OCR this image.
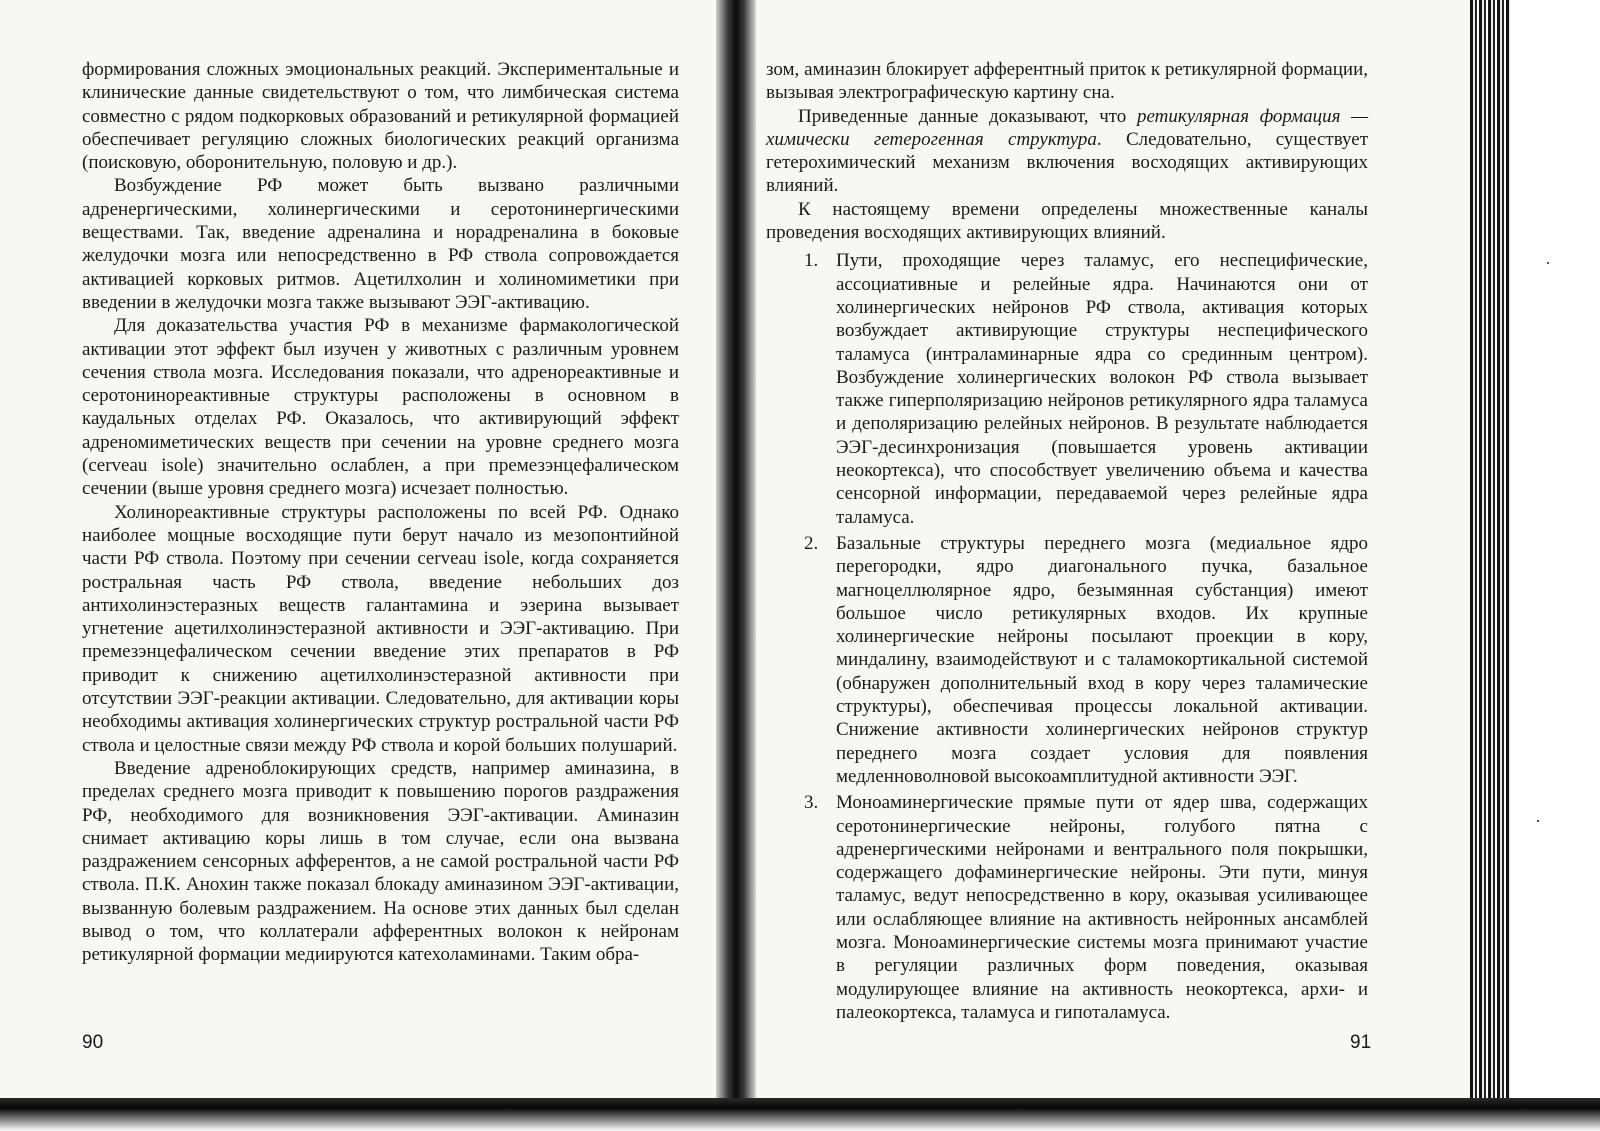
формирования сложных эмоциональных реакций. Экспериментальные и клинические данные свидетельствуют о том, что лимбическая система совместно с рядом подкорковых образований и ретикулярной формацией обеспечивает регуляцию сложных биологических реакций организма (поисковую, оборонительную, половую и др.).

Возбуждение РФ может быть вызвано различными адренергическими, холинергическими и серотонинергическими веществами. Так, введение адреналина и норадреналина в боковые желудочки мозга или непосредственно в РФ ствола сопровождается активацией корковых ритмов. Ацетилхолин и холиномиметики при введении в желудочки мозга также вызывают ЭЭГ-активацию.

Для доказательства участия РФ в механизме фармакологической активации этот эффект был изучен у животных с различным уровнем сечения ствола мозга. Исследования показали, что адренореактивные и серотонинореактивные структуры расположены в основном в каудальных отделах РФ. Оказалось, что активирующий эффект адреномиметических веществ при сечении на уровне среднего мозга (cerveau isole) значительно ослаблен, а при премезэнцефалическом сечении (выше уровня среднего мозга) исчезает полностью.

Холинореактивные структуры расположены по всей РФ. Однако наиболее мощные восходящие пути берут начало из мезопонтийной части РФ ствола. Поэтому при сечении cerveau isole, когда сохраняется ростральная часть РФ ствола, введение небольших доз антихолинэстеразных веществ галантамина и эзерина вызывает угнетение ацетилхолинэстеразной активности и ЭЭГ-активацию. При премезэнцефалическом сечении введение этих препаратов в РФ приводит к снижению ацетилхолинэстеразной активности при отсутствии ЭЭГ-реакции активации. Следовательно, для активации коры необходимы активация холинергических структур ростральной части РФ ствола и целостные связи между РФ ствола и корой больших полушарий.

Введение адреноблокирующих средств, например аминазина, в пределах среднего мозга приводит к повышению порогов раздражения РФ, необходимого для возникновения ЭЭГ-активации. Аминазин снимает активацию коры лишь в том случае, если она вызвана раздражением сенсорных афферентов, а не самой ростральной части РФ ствола. П.К. Анохин также показал блокаду аминазином ЭЭГ-активации, вызванную болевым раздражением. На основе этих данных был сделан вывод о том, что коллатерали афферентных волокон к нейронам ретикулярной формации медиируются катехоламинами. Таким обра-

90

зом, аминазин блокирует афферентный приток к ретикулярной формации, вызывая электрографическую картину сна.

Приведенные данные доказывают, что ретикулярная формация — химически гетерогенная структура. Следовательно, существует гетерохимический механизм включения восходящих активирующих влияний.

К настоящему времени определены множественные каналы проведения восходящих активирующих влияний.

1. Пути, проходящие через таламус, его неспецифические, ассоциативные и релейные ядра. Начинаются они от холинергических нейронов РФ ствола, активация которых возбуждает активирующие структуры неспецифического таламуса (интраламинарные ядра со срединным центром). Возбуждение холинергических волокон РФ ствола вызывает также гиперполяризацию нейронов ретикулярного ядра таламуса и деполяризацию релейных нейронов. В результате наблюдается ЭЭГ-десинхронизация (повышается уровень активации неокортекса), что способствует увеличению объема и качества сенсорной информации, передаваемой через релейные ядра таламуса.
2. Базальные структуры переднего мозга (медиальное ядро перегородки, ядро диагонального пучка, базальное магноцеллюлярное ядро, безымянная субстанция) имеют большое число ретикулярных входов. Их крупные холинергические нейроны посылают проекции в кору, миндалину, взаимодействуют и с таламокортикальной системой (обнаружен дополнительный вход в кору через таламические структуры), обеспечивая процессы локальной активации. Снижение активности холинергических нейронов структур переднего мозга создает условия для появления медленноволновой высокоамплитудной активности ЭЭГ.
3. Моноаминергические прямые пути от ядер шва, содержащих серотонинергические нейроны, голубого пятна с адренергическими нейронами и вентрального поля покрышки, содержащего дофаминергические нейроны. Эти пути, минуя таламус, ведут непосредственно в кору, оказывая усиливающее или ослабляющее влияние на активность нейронных ансамблей мозга. Моноаминергические системы мозга принимают участие в регуляции различных форм поведения, оказывая модулирующее влияние на активность неокортекса, архи- и палеокортекса, таламуса и гипоталамуса.
91
